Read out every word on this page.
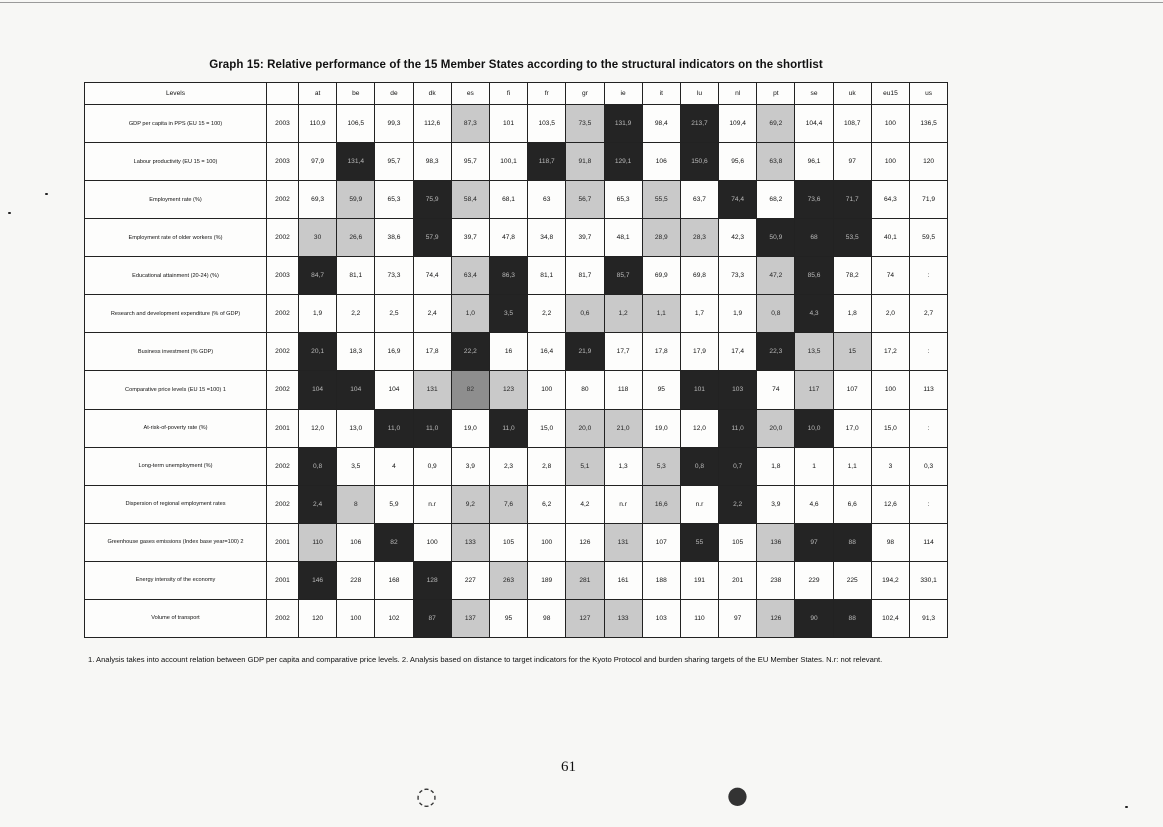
Graph 15: Relative performance of the 15 Member States according to the structural indicators on the shortlist
Levels		at	be	de	dk	es	fi	fr	gr	ie	it	lu	nl	pt	se	uk	eu15	us
GDP per capita in PPS (EU 15 = 100)	2003	110,9	106,5	99,3	112,6	87,3	101	103,5	73,5	131,9	98,4	213,7	109,4	69,2	104,4	108,7	100	136,5
Labour productivity (EU 15 = 100)	2003	97,9	131,4	95,7	98,3	95,7	100,1	118,7	91,8	129,1	106	150,6	95,6	63,8	96,1	97	100	120
Employment rate (%)	2002	69,3	59,9	65,3	75,9	58,4	68,1	63	56,7	65,3	55,5	63,7	74,4	68,2	73,6	71,7	64,3	71,9
Employment rate of older workers (%)	2002	30	26,6	38,6	57,9	39,7	47,8	34,8	39,7	48,1	28,9	28,3	42,3	50,9	68	53,5	40,1	59,5
Educational attainment (20-24) (%)	2003	84,7	81,1	73,3	74,4	63,4	86,3	81,1	81,7	85,7	69,9	69,8	73,3	47,2	85,6	78,2	74	:
Research and development expenditure (% of GDP)	2002	1,9	2,2	2,5	2,4	1,0	3,5	2,2	0,6	1,2	1,1	1,7	1,9	0,8	4,3	1,8	2,0	2,7
Business investment (% GDP)	2002	20,1	18,3	16,9	17,8	22,2	16	16,4	21,9	17,7	17,8	17,9	17,4	22,3	13,5	15	17,2	:
Comparative price levels (EU 15 =100) 1	2002	104	104	104	131	82	123	100	80	118	95	101	103	74	117	107	100	113
At-risk-of-poverty rate (%)	2001	12,0	13,0	11,0	11,0	19,0	11,0	15,0	20,0	21,0	19,0	12,0	11,0	20,0	10,0	17,0	15,0	:
Long-term unemployment (%)	2002	0,8	3,5	4	0,9	3,9	2,3	2,8	5,1	1,3	5,3	0,8	0,7	1,8	1	1,1	3	0,3
Dispersion of regional employment rates	2002	2,4	8	5,9	n.r	9,2	7,6	6,2	4,2	n.r	16,6	n.r	2,2	3,9	4,6	6,6	12,6	:
Greenhouse gases emissions (Index base year=100) 2	2001	110	106	82	100	133	105	100	126	131	107	55	105	136	97	88	98	114
Energy intensity of the economy	2001	146	228	168	128	227	263	189	281	161	188	191	201	238	229	225	194,2	330,1
Volume of transport	2002	120	100	102	87	137	95	98	127	133	103	110	97	126	90	88	102,4	91,3
1. Analysis takes into account relation between GDP per capita and comparative price levels. 2. Analysis based on distance to target indicators for the Kyoto Protocol and burden sharing targets of the EU Member States. N.r: not relevant.
61
◌	●
